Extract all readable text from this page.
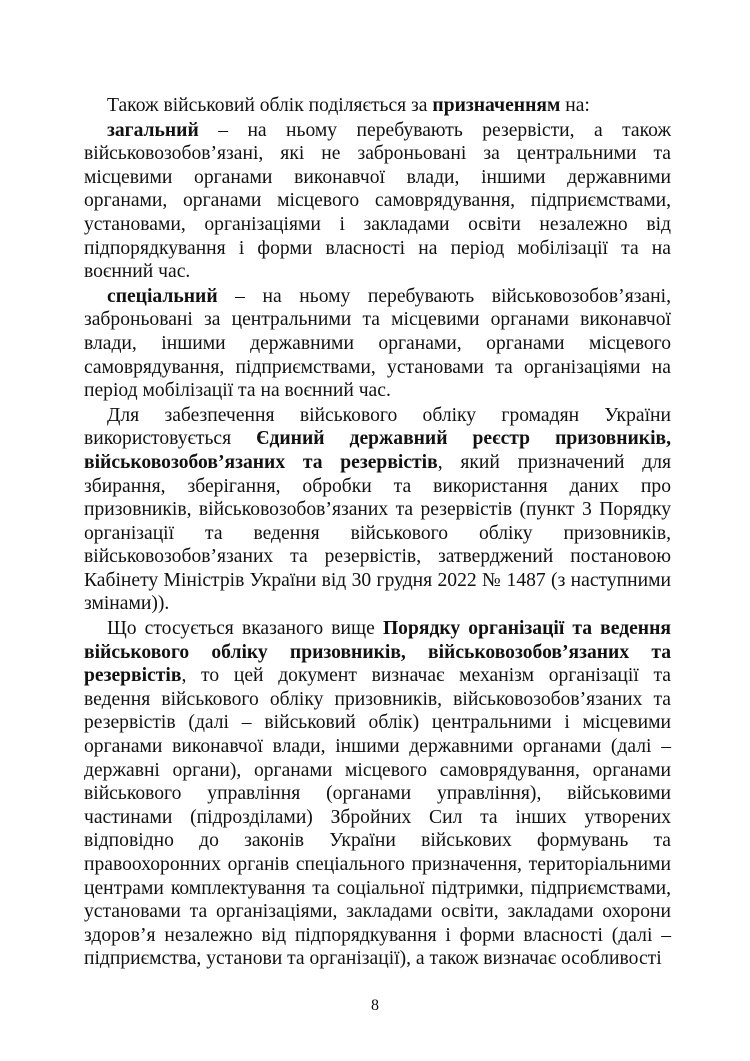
Також військовий облік поділяється за призначенням на:

загальний – на ньому перебувають резервісти, а також військовозобов’язані, які не заброньовані за центральними та місцевими органами виконавчої влади, іншими державними органами, органами місцевого самоврядування, підприємствами, установами, організаціями і закладами освіти незалежно від підпорядкування і форми власності на період мобілізації та на воєнний час.

спеціальний – на ньому перебувають військовозобов’язані, заброньовані за центральними та місцевими органами виконавчої влади, іншими державними органами, органами місцевого самоврядування, підприємствами, установами та організаціями на період мобілізації та на воєнний час.

Для забезпечення військового обліку громадян України використовується Єдиний державний реєстр призовників, військовозобов’язаних та резервістів, який призначений для збирання, зберігання, обробки та використання даних про призовників, військовозобов’язаних та резервістів (пункт 3 Порядку організації та ведення військового обліку призовників, військовозобов’язаних та резервістів, затверджений постановою Кабінету Міністрів України від 30 грудня 2022 № 1487 (з наступними змінами)).

Що стосується вказаного вище Порядку організації та ведення військового обліку призовників, військовозобов’язаних та резервістів, то цей документ визначає механізм організації та ведення військового обліку призовників, військовозобов’язаних та резервістів (далі – військовий облік) центральними і місцевими органами виконавчої влади, іншими державними органами (далі – державні органи), органами місцевого самоврядування, органами військового управління (органами управління), військовими частинами (підрозділами) Збройних Сил та інших утворених відповідно до законів України військових формувань та правоохоронних органів спеціального призначення, територіальними центрами комплектування та соціальної підтримки, підприємствами, установами та організаціями, закладами освіти, закладами охорони здоров’я незалежно від підпорядкування і форми власності (далі – підприємства, установи та організації), а також визначає особливості

8
